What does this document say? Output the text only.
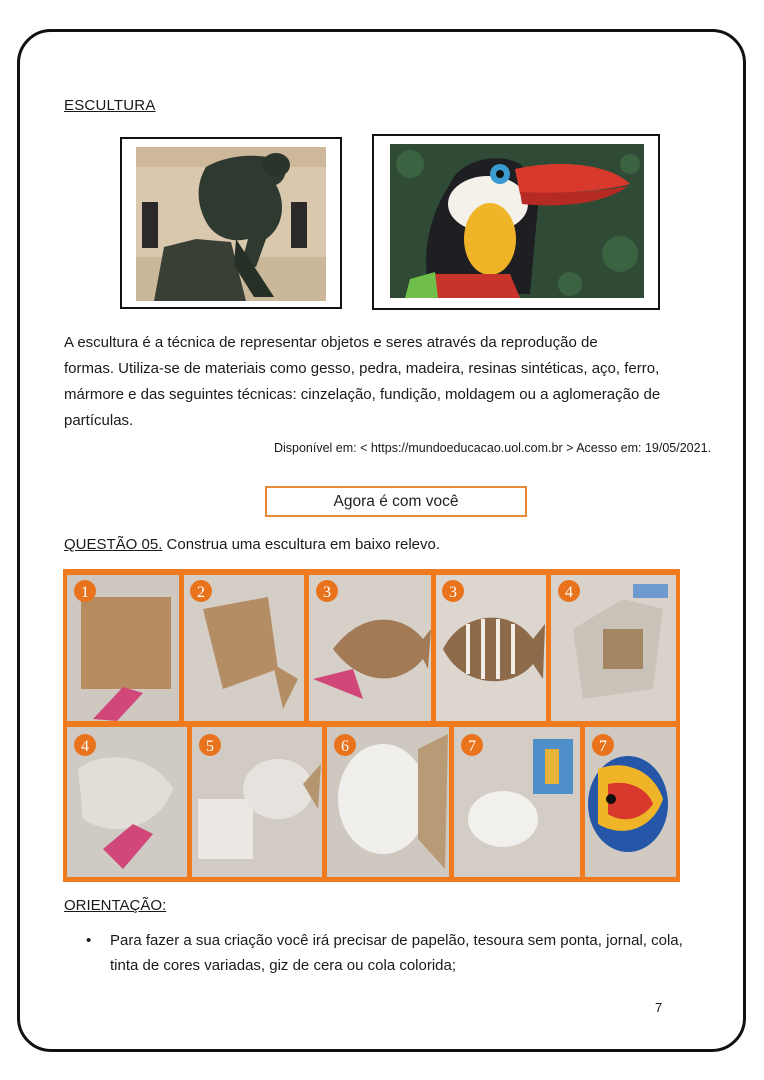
ESCULTURA
A escultura é a técnica de representar objetos e seres através da reprodução de
formas. Utiliza-se de materiais como gesso, pedra, madeira, resinas sintéticas, aço, ferro,
mármore e das seguintes técnicas: cinzelação, fundição, moldagem ou a aglomeração de
partículas.
Disponível em: < https://mundoeducacao.uol.com.br > Acesso em: 19/05/2021.
Agora é com você
QUESTÃO 05. Construa uma escultura em baixo relevo.
1	2	3	3	4
4	5	6	7	7
ORIENTAÇÃO:
• Para fazer a sua criação você irá precisar de papelão, tesoura sem ponta, jornal, cola, tinta de cores variadas, giz de cera ou cola colorida;
7
